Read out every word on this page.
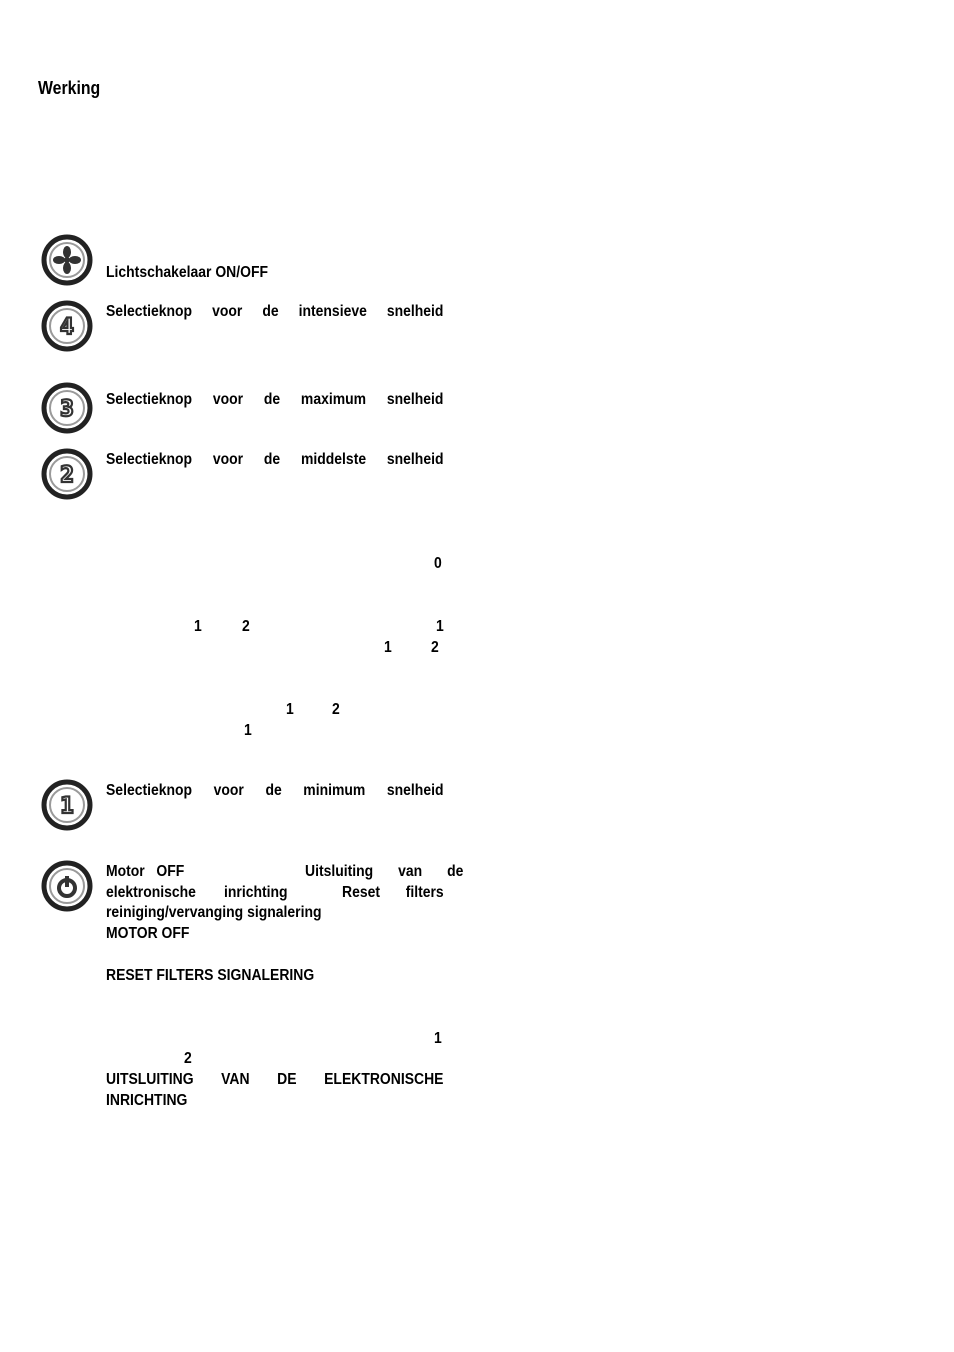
Werking
Lichtschakelaar ON/OFF
4
Selectieknop voor de intensieve snelheid
3 Selectieknop voor de maximum snelheid
2
Selectieknop voor de middelste snelheid
0
1	2	1
1	2
1 2
1
1
Selectieknop voor de minimum snelheid
Motor OFF	Uitsluiting van de
elektronische inrichting	Reset filters
reiniging/vervanging signalering
MOTOR OFF
RESET FILTERS SIGNALERING
1
2
UITSLUITING VAN DE ELEKTRONISCHE
INRICHTING
